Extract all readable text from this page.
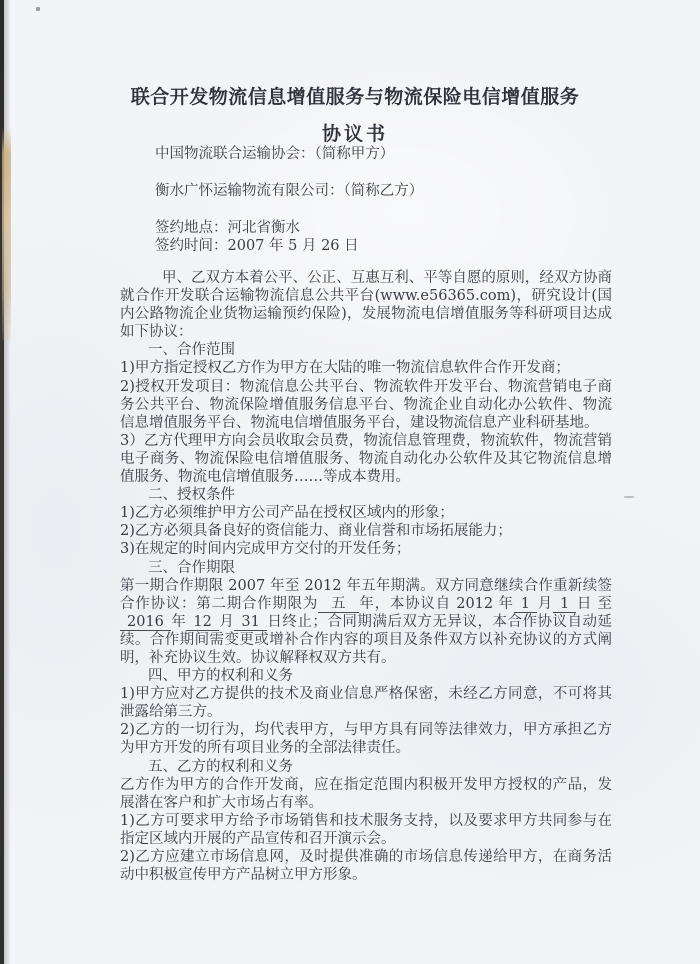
联合开发物流信息增值服务与物流保险电信增值服务
协议书
中国物流联合运输协会：（简称甲方）
衡水广怀运输物流有限公司：（简称乙方）
签约地点：河北省衡水
签约时间：2007 年 5 月 26 日

甲、乙双方本着公平、公正、互惠互利、平等自愿的原则，经双方协商就合作开发联合运输物流信息公共平台(www.e56365.com)，研究设计(国内公路物流企业货物运输预约保险)，发展物流电信增值服务等科研项目达成如下协议：

一、合作范围

1)甲方指定授权乙方作为甲方在大陆的唯一物流信息软件合作开发商；

2)授权开发项目：物流信息公共平台、物流软件开发平台、物流营销电子商务公共平台、物流保险增值服务信息平台、物流企业自动化办公软件、物流信息增值服务平台、物流电信增值服务平台，建设物流信息产业科研基地。

3）乙方代理甲方向会员收取会员费，物流信息管理费，物流软件，物流营销电子商务、物流保险电信增值服务、物流自动化办公软件及其它物流信息增值服务、物流电信增值服务……等成本费用。

二、授权条件

1)乙方必须维护甲方公司产品在授权区域内的形象；

2)乙方必须具备良好的资信能力、商业信誉和市场拓展能力；

3)在规定的时间内完成甲方交付的开发任务；

三、合作期限

第一期合作期限 2007 年至 2012 年五年期满。双方同意继续合作重新续签合作协议：第二期合作期限为 五 年，本协议自 2012 年 1 月 1 日 至 2016 年 12 月 31 日终止；合同期满后双方无异议，本合作协议自动延续。合作期间需变更或增补合作内容的项目及条件双方以补充协议的方式阐明，补充协议生效。协议解释权双方共有。

四、甲方的权利和义务

1)甲方应对乙方提供的技术及商业信息严格保密，未经乙方同意，不可将其泄露给第三方。

2)乙方的一切行为，均代表甲方，与甲方具有同等法律效力，甲方承担乙方为甲方开发的所有项目业务的全部法律责任。

五、乙方的权利和义务

乙方作为甲方的合作开发商，应在指定范围内积极开发甲方授权的产品，发展潜在客户和扩大市场占有率。

1)乙方可要求甲方给予市场销售和技术服务支持，以及要求甲方共同参与在指定区域内开展的产品宣传和召开演示会。

2)乙方应建立市场信息网，及时提供准确的市场信息传递给甲方，在商务活动中积极宣传甲方产品树立甲方形象。
